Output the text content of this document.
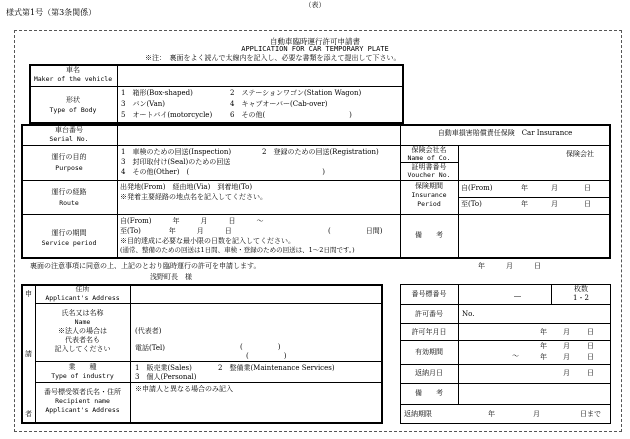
様式第1号（第3条関係）
（表）
自動車臨時運行許可申請書
APPLICATION FOR CAR TEMPORARY PLATE
※注：　裏面をよく読んで太線内を記入し、必要な書類を添えて提出して下さい。
車名
Maker of the vehicle
形状
Type of Body
1　箱形(Box-shaped)	2　ステーションワゴン(Station Wagon)
3　バン(Van)	4　キャブオーバー(Cab-over)
5　オートバイ(motorcycle)	6　その他(　　　　　　　　　　　　)
車台番号
Serial No.
運行の目的
Purpose
1　車検のための回送(Inspection)	2　登録のための回送(Registration)
3　封印取付け(Seal)のための回送
4　その他(Other)　(　　　　　　　　　　　　　　　　　　　)
運行の経路
Route
出発地(From)　経由地(Via)　到着地(To)
※発着主要経路の地点名を記入してください。
運行の期間
Service period
自(From)　　　年　　　月　　　日　　　～
至(To)　　　　年　　　月　　　日	(　　　　　日間)
※目的達成に必要な最小限の日数を記入してください。
(通常、整備のための回送は1日間、車検・登録のための回送は、1～2日間です。)
自動車損害賠償責任保険　Car Insurance
保険会社名
Name of Co.	保険会社
証明書番号
Voucher No.
保険期間
Insurance
Period
自(From)	年	月	日
至(To)	年	月	日
備　　考
裏面の注意事項に同意の上、上記のとおり臨時運行の許可を申請します。	年　　　月　　　日
浅野町長　様
申
請
者
住所
Applicant's Address
氏名又は名称
Name
※法人の場合は
代表者名も
記入してください
(代表者)
電話(Tel)	(　　　　　)
(　　　　　)
業　　種
Type of industry
1　販売業(Sales)	2　整備業(Maintenance Services)
3　個人(Personal)
番号標受領者氏名・住所
Recipient name
Applicant's Address
※申請人と異なる場合のみ記入
番号標番号	―
枚数
1・2
許可番号	No.
許可年月日	年 月 日
有効期間
年 月 日
～	年 月 日
返納月日	月 日
備　　考
返納期限	年	月	日まで
